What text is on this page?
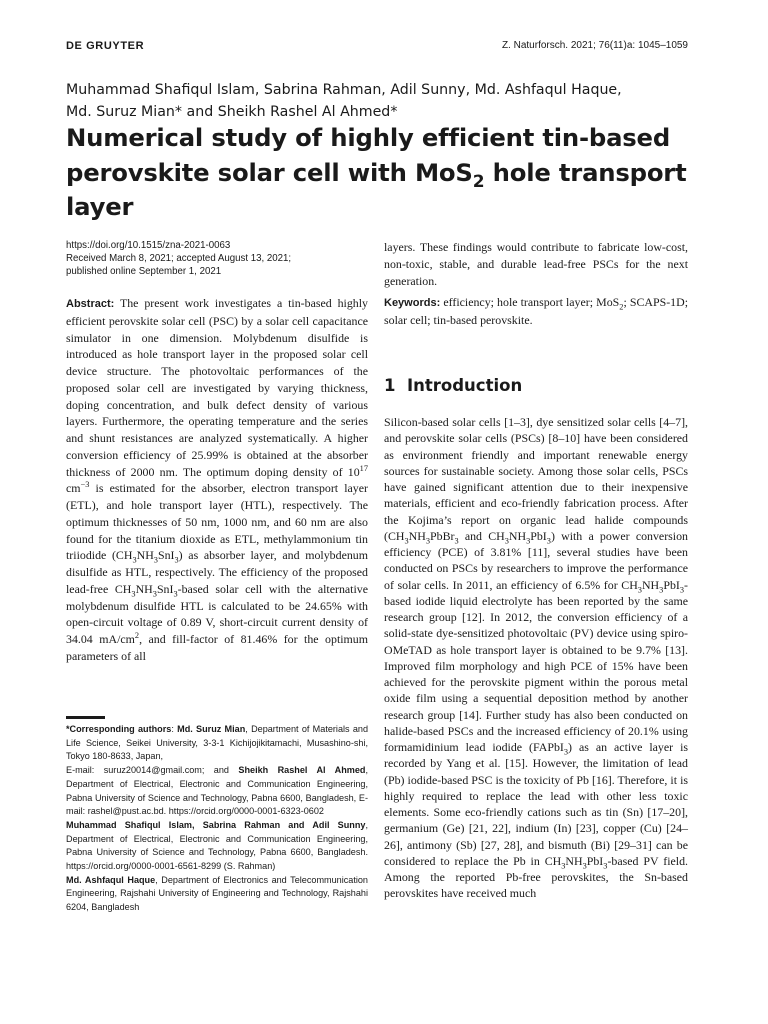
DE GRUYTER	Z. Naturforsch. 2021; 76(11)a: 1045–1059
Muhammad Shafiqul Islam, Sabrina Rahman, Adil Sunny, Md. Ashfaqul Haque,
Md. Suruz Mian* and Sheikh Rashel Al Ahmed*
Numerical study of highly efficient tin-based
perovskite solar cell with MoS$_2$ hole transport
layer
https://doi.org/10.1515/zna-2021-0063
Received March 8, 2021; accepted August 13, 2021;
published online September 1, 2021

Abstract: The present work investigates a tin-based highly efficient perovskite solar cell (PSC) by a solar cell capacitance simulator in one dimension. Molybdenum disulfide is introduced as hole transport layer in the proposed solar cell device structure. The photovoltaic performances of the proposed solar cell are investigated by varying thickness, doping concentration, and bulk defect density of various layers. Furthermore, the operating temperature and the series and shunt resistances are analyzed systematically. A higher conversion efficiency of 25.99% is obtained at the absorber thickness of 2000 nm. The optimum doping density of $10^{17}$ $cm^{-3}$ is estimated for the absorber, electron transport layer (ETL), and hole transport layer (HTL), respectively. The optimum thicknesses of 50 nm, 1000 nm, and 60 nm are also found for the titanium dioxide as ETL, methylammonium tin triiodide $(CH_3NH_3SnI_3)$ as absorber layer, and molybdenum disulfide as HTL, respectively. The efficiency of the proposed lead-free $CH_3NH_3SnI_3$-based solar cell with the alternative molybdenum disulfide HTL is calculated to be 24.65% with open-circuit voltage of 0.89 V, short-circuit current density of 34.04 $mA/cm^2$, and fill-factor of 81.46% for the optimum parameters of all

layers. These findings would contribute to fabricate low-cost, non-toxic, stable, and durable lead-free PSCs for the next generation.

Keywords: efficiency; hole transport layer; MoS$_2$; SCAPS-1D; solar cell; tin-based perovskite.

1 Introduction

Silicon-based solar cells [1–3], dye sensitized solar cells [4–7], and perovskite solar cells (PSCs) [8–10] have been considered as environment friendly and important renewable energy sources for sustainable society. Among those solar cells, PSCs have gained significant attention due to their inexpensive materials, efficient and eco-friendly fabrication process. After the Kojima’s report on organic lead halide compounds ($CH_3NH_3PbBr_3$ and $CH_3NH_3PbI_3$) with a power conversion efficiency (PCE) of 3.81% [11], several studies have been conducted on PSCs by researchers to improve the performance of solar cells. In 2011, an efficiency of 6.5% for $CH_3NH_3PbI_3$-based iodide liquid electrolyte has been reported by the same research group [12]. In 2012, the conversion efficiency of a solid-state dye-sensitized photovoltaic (PV) device using spiro-OMeTAD as hole transport layer is obtained to be 9.7% [13]. Improved film morphology and high PCE of 15% have been achieved for the perovskite pigment within the porous metal oxide film using a sequential deposition method by another research group [14]. Further study has also been conducted on halide-based PSCs and the increased efficiency of 20.1% using formamidinium lead iodide (FAPbI$_3$) as an active layer is recorded by Yang et al. [15]. However, the limitation of lead (Pb) iodide-based PSC is the toxicity of Pb [16]. Therefore, it is highly required to replace the lead with other less toxic elements. Some eco-friendly cations such as tin (Sn) [17–20], germanium (Ge) [21, 22], indium (In) [23], copper (Cu) [24–26], antimony (Sb) [27, 28], and bismuth (Bi) [29–31] can be considered to replace the Pb in $CH_3NH_3PbI_3$-based PV field. Among the reported Pb-free perovskites, the Sn-based perovskites have received much

*Corresponding authors: Md. Suruz Mian, Department of Materials and Life Science, Seikei University, 3-3-1 Kichijojikitamachi, Musashino-shi, Tokyo 180-8633, Japan,
E-mail: suruz20014@gmail.com; and Sheikh Rashel Al Ahmed, Department of Electrical, Electronic and Communication Engineering, Pabna University of Science and Technology, Pabna 6600, Bangladesh, E-mail: rashel@pust.ac.bd. https://orcid.org/0000-0001-6323-0602

Muhammad Shafiqul Islam, Sabrina Rahman and Adil Sunny, Department of Electrical, Electronic and Communication Engineering, Pabna University of Science and Technology, Pabna 6600, Bangladesh. https://orcid.org/0000-0001-6561-8299 (S. Rahman)

Md. Ashfaqul Haque, Department of Electronics and Telecommunication Engineering, Rajshahi University of Engineering and Technology, Rajshahi 6204, Bangladesh
